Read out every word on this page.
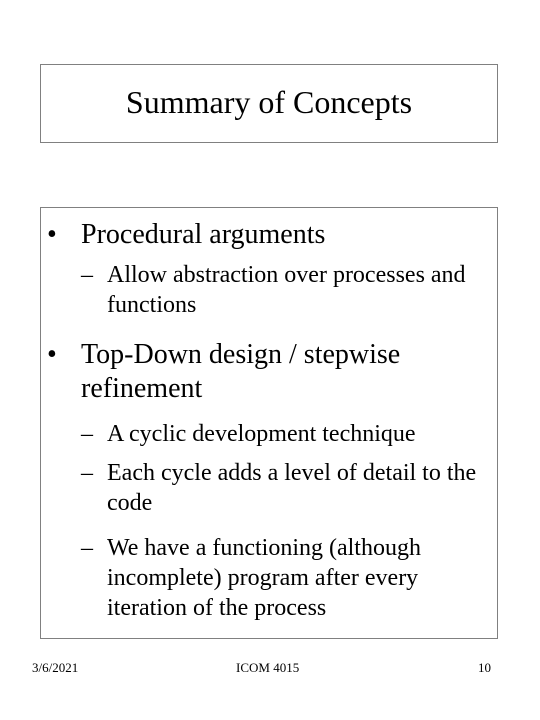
Summary of Concepts
• Procedural arguments
– Allow abstraction over processes and functions
• Top-Down design / stepwise refinement
– A cyclic development technique
– Each cycle adds a level of detail to the code
– We have a functioning (although incomplete) program after every iteration of the process
3/6/2021	ICOM 4015	10
